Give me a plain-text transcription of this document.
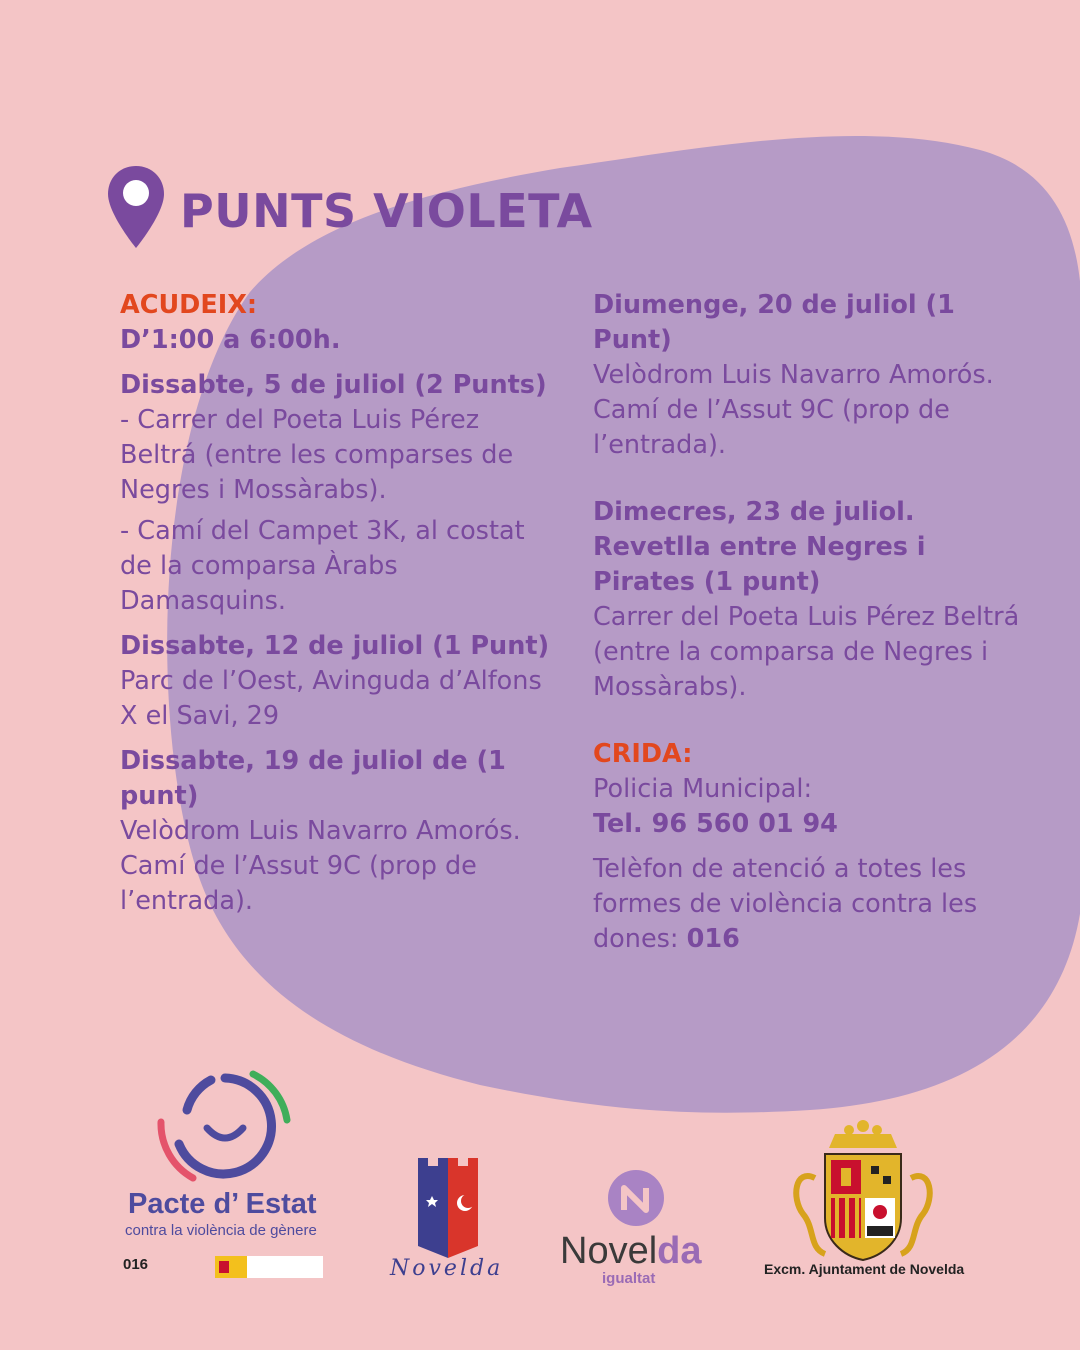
PUNTS VIOLETA

ACUDEIX:

D’1:00 a 6:00h.

Dissabte, 5 de juliol (2 Punts)

- Carrer del Poeta Luis Pérez Beltrá (entre les comparses de Negres i Mossàrabs).

- Camí del Campet 3K, al costat de la comparsa Àrabs Damasquins.

Dissabte, 12 de juliol (1 Punt)

Parc de l’Oest, Avinguda d’Alfons X el Savi, 29

Dissabte, 19 de juliol de (1 punt)

Velòdrom Luis Navarro Amorós. Camí de l’Assut 9C (prop de l’entrada).

Diumenge, 20 de juliol (1 Punt)

Velòdrom Luis Navarro Amorós. Camí de l’Assut 9C (prop de l’entrada).

Dimecres, 23 de juliol. Revetlla entre Negres i Pirates (1 punt)

Carrer del Poeta Luis Pérez Beltrá (entre la comparsa de Negres i Mossàrabs).

CRIDA:

Policia Municipal:

Tel. 96 560 01 94

Telèfon de atenció a totes les formes de violència contra les dones: 016

Pacte d’ Estat
contra la violència de gènere
016	Novelda Novelda
igualtat
Excm. Ajuntament de Novelda
